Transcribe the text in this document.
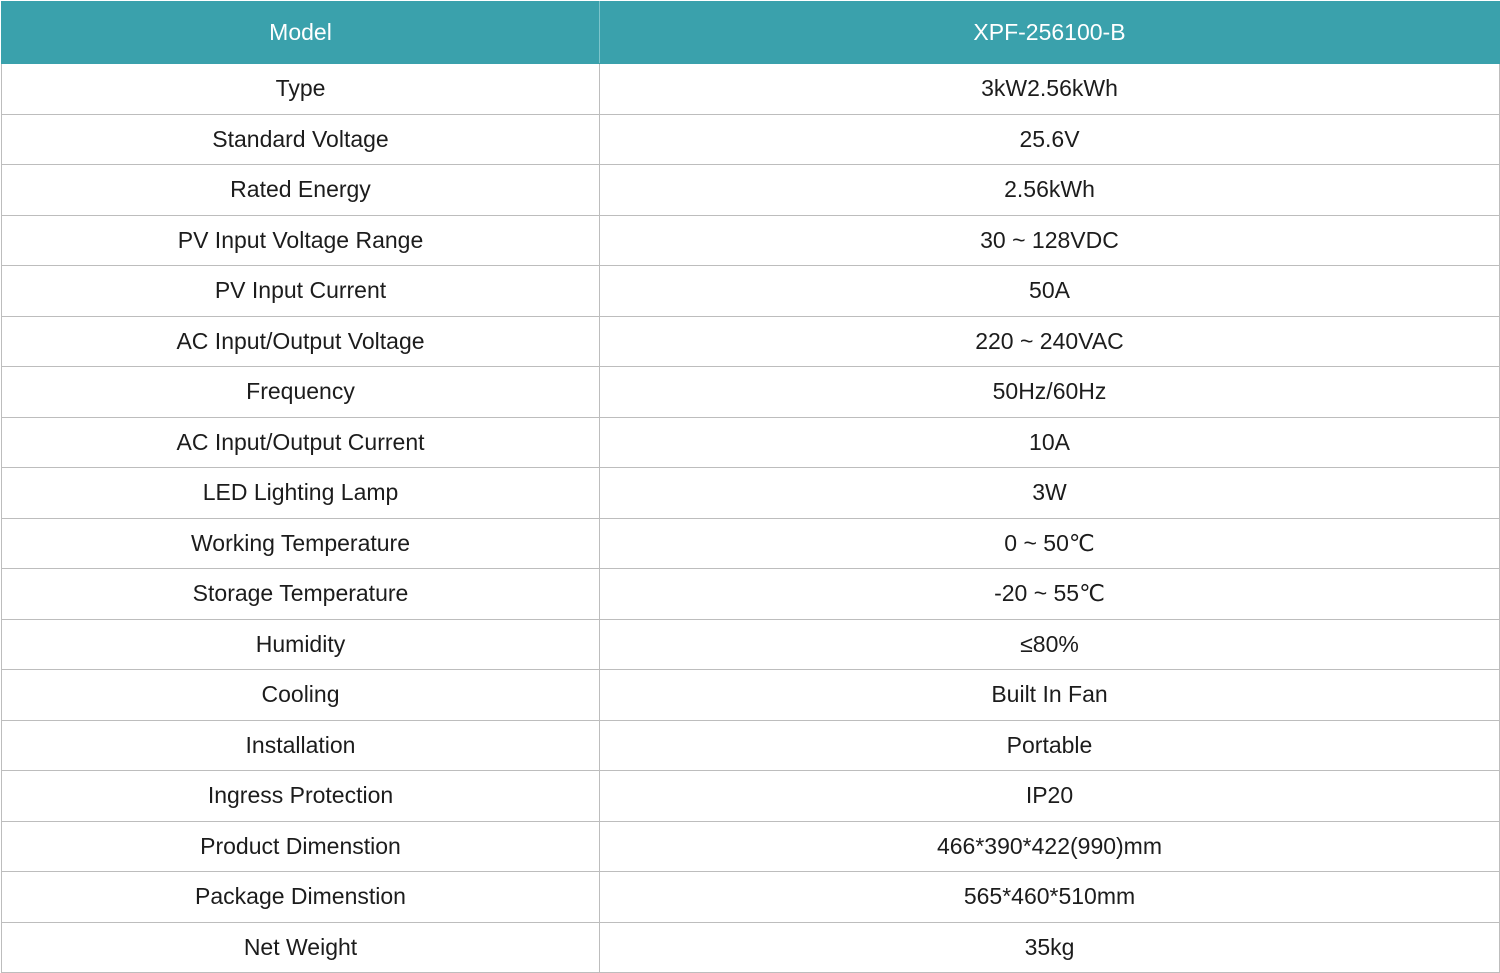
Model	XPF-256100-B
Type	3kW2.56kWh
Standard Voltage	25.6V
Rated Energy	2.56kWh
PV Input Voltage Range	30 ~ 128VDC
PV Input Current	50A
AC Input/Output Voltage	220 ~ 240VAC
Frequency	50Hz/60Hz
AC Input/Output Current	10A
LED Lighting Lamp	3W
Working Temperature	0 ~ 50℃
Storage Temperature	-20 ~ 55℃
Humidity	≤80%
Cooling	Built In Fan
Installation	Portable
Ingress Protection	IP20
Product Dimenstion	466*390*422(990)mm
Package Dimenstion	565*460*510mm
Net Weight	35kg
